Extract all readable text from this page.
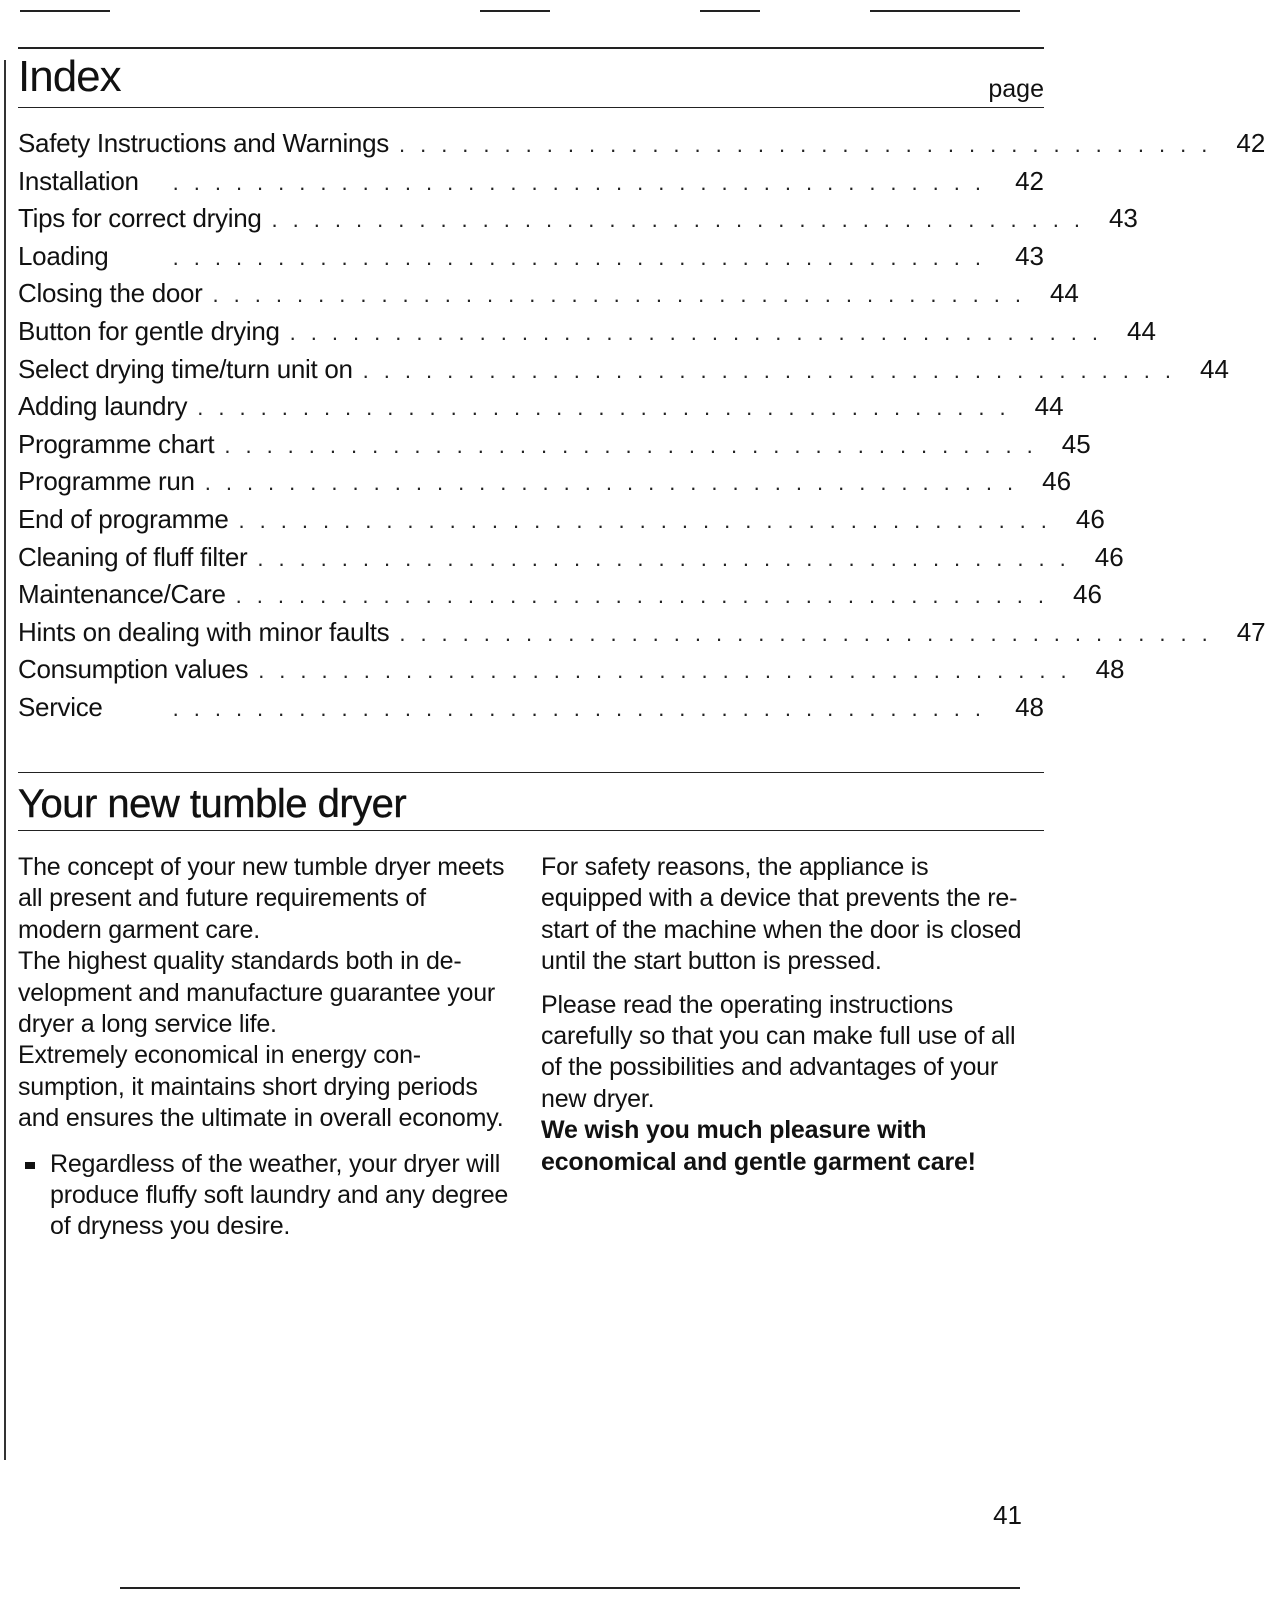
Index	page
Safety Instructions and Warnings ....................................... 42
Installation	....................................... 42
Tips for correct drying ....................................... 43
Loading	....................................... 43
Closing the door ....................................... 44
Button for gentle drying ....................................... 44
Select drying time/turn unit on ....................................... 44
Adding laundry ....................................... 44
Programme chart ....................................... 45
Programme run ....................................... 46
End of programme ....................................... 46
Cleaning of fluff filter ....................................... 46
Maintenance/Care ....................................... 46
Hints on dealing with minor faults ....................................... 47
Consumption values ....................................... 48
Service	....................................... 48
Your new tumble dryer

The concept of your new tumble dryer meets all present and future requirements of modern garment care.

The highest quality standards both in de-velopment and manufacture guarantee your dryer a long service life.

Extremely economical in energy con-sumption, it maintains short drying periods and ensures the ultimate in overall economy.

Regardless of the weather, your dryer will produce fluffy soft laundry and any degree of dryness you desire.

For safety reasons, the appliance is equipped with a device that prevents the re-start of the machine when the door is closed until the start button is pressed.

Please read the operating instructions carefully so that you can make full use of all of the possibilities and advantages of your new dryer.

We wish you much pleasure with economical and gentle garment care!

41
